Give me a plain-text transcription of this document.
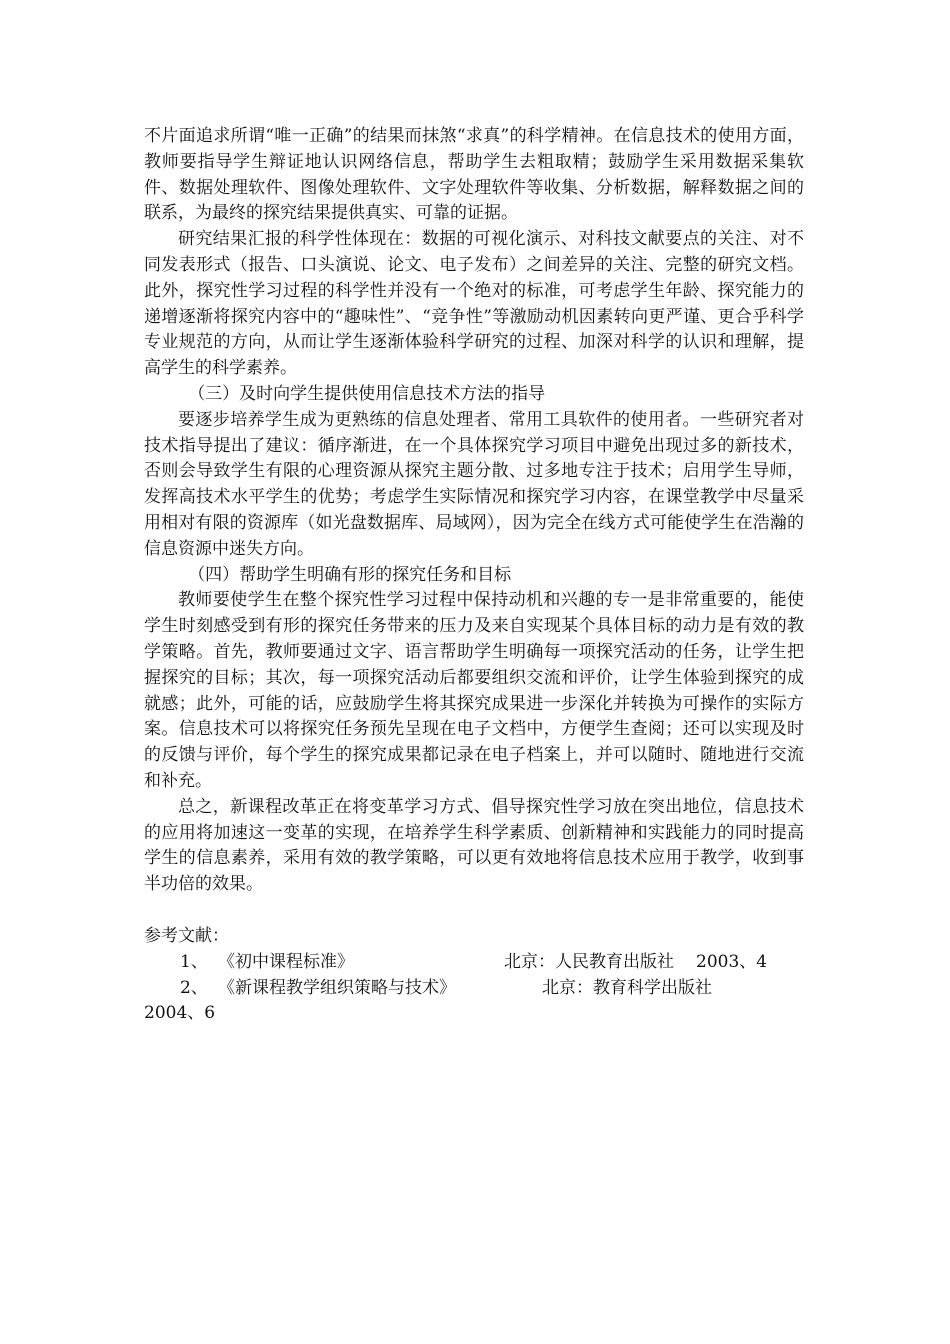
不片面追求所谓“唯一正确”的结果而抹煞“求真”的科学精神。在信息技术的使用方面，教师要指导学生辩证地认识网络信息，帮助学生去粗取精；鼓励学生采用数据采集软件、数据处理软件、图像处理软件、文字处理软件等收集、分析数据，解释数据之间的联系，为最终的探究结果提供真实、可靠的证据。

研究结果汇报的科学性体现在：数据的可视化演示、对科技文献要点的关注、对不同发表形式（报告、口头演说、论文、电子发布）之间差异的关注、完整的研究文档。此外，探究性学习过程的科学性并没有一个绝对的标准，可考虑学生年龄、探究能力的递增逐渐将探究内容中的“趣味性”、“竞争性”等激励动机因素转向更严谨、更合乎科学专业规范的方向，从而让学生逐渐体验科学研究的过程、加深对科学的认识和理解，提高学生的科学素养。

（三）及时向学生提供使用信息技术方法的指导

要逐步培养学生成为更熟练的信息处理者、常用工具软件的使用者。一些研究者对技术指导提出了建议：循序渐进，在一个具体探究学习项目中避免出现过多的新技术，否则会导致学生有限的心理资源从探究主题分散、过多地专注于技术；启用学生导师，发挥高技术水平学生的优势；考虑学生实际情况和探究学习内容，在课堂教学中尽量采用相对有限的资源库（如光盘数据库、局域网），因为完全在线方式可能使学生在浩瀚的信息资源中迷失方向。

（四）帮助学生明确有形的探究任务和目标

教师要使学生在整个探究性学习过程中保持动机和兴趣的专一是非常重要的，能使学生时刻感受到有形的探究任务带来的压力及来自实现某个具体目标的动力是有效的教学策略。首先，教师要通过文字、语言帮助学生明确每一项探究活动的任务，让学生把握探究的目标；其次，每一项探究活动后都要组织交流和评价，让学生体验到探究的成就感；此外，可能的话，应鼓励学生将其探究成果进一步深化并转换为可操作的实际方案。信息技术可以将探究任务预先呈现在电子文档中，方便学生查阅；还可以实现及时的反馈与评价，每个学生的探究成果都记录在电子档案上，并可以随时、随地进行交流和补充。

总之，新课程改革正在将变革学习方式、倡导探究性学习放在突出地位，信息技术的应用将加速这一变革的实现，在培养学生科学素质、创新精神和实践能力的同时提高学生的信息素养，采用有效的教学策略，可以更有效地将信息技术应用于教学，收到事半功倍的效果。

参考文献：

1、 《初中课程标准》	北京：人民教育出版社 2003、4

2、 《新课程教学组织策略与技术》	北京：教育科学出版社

2004、6
